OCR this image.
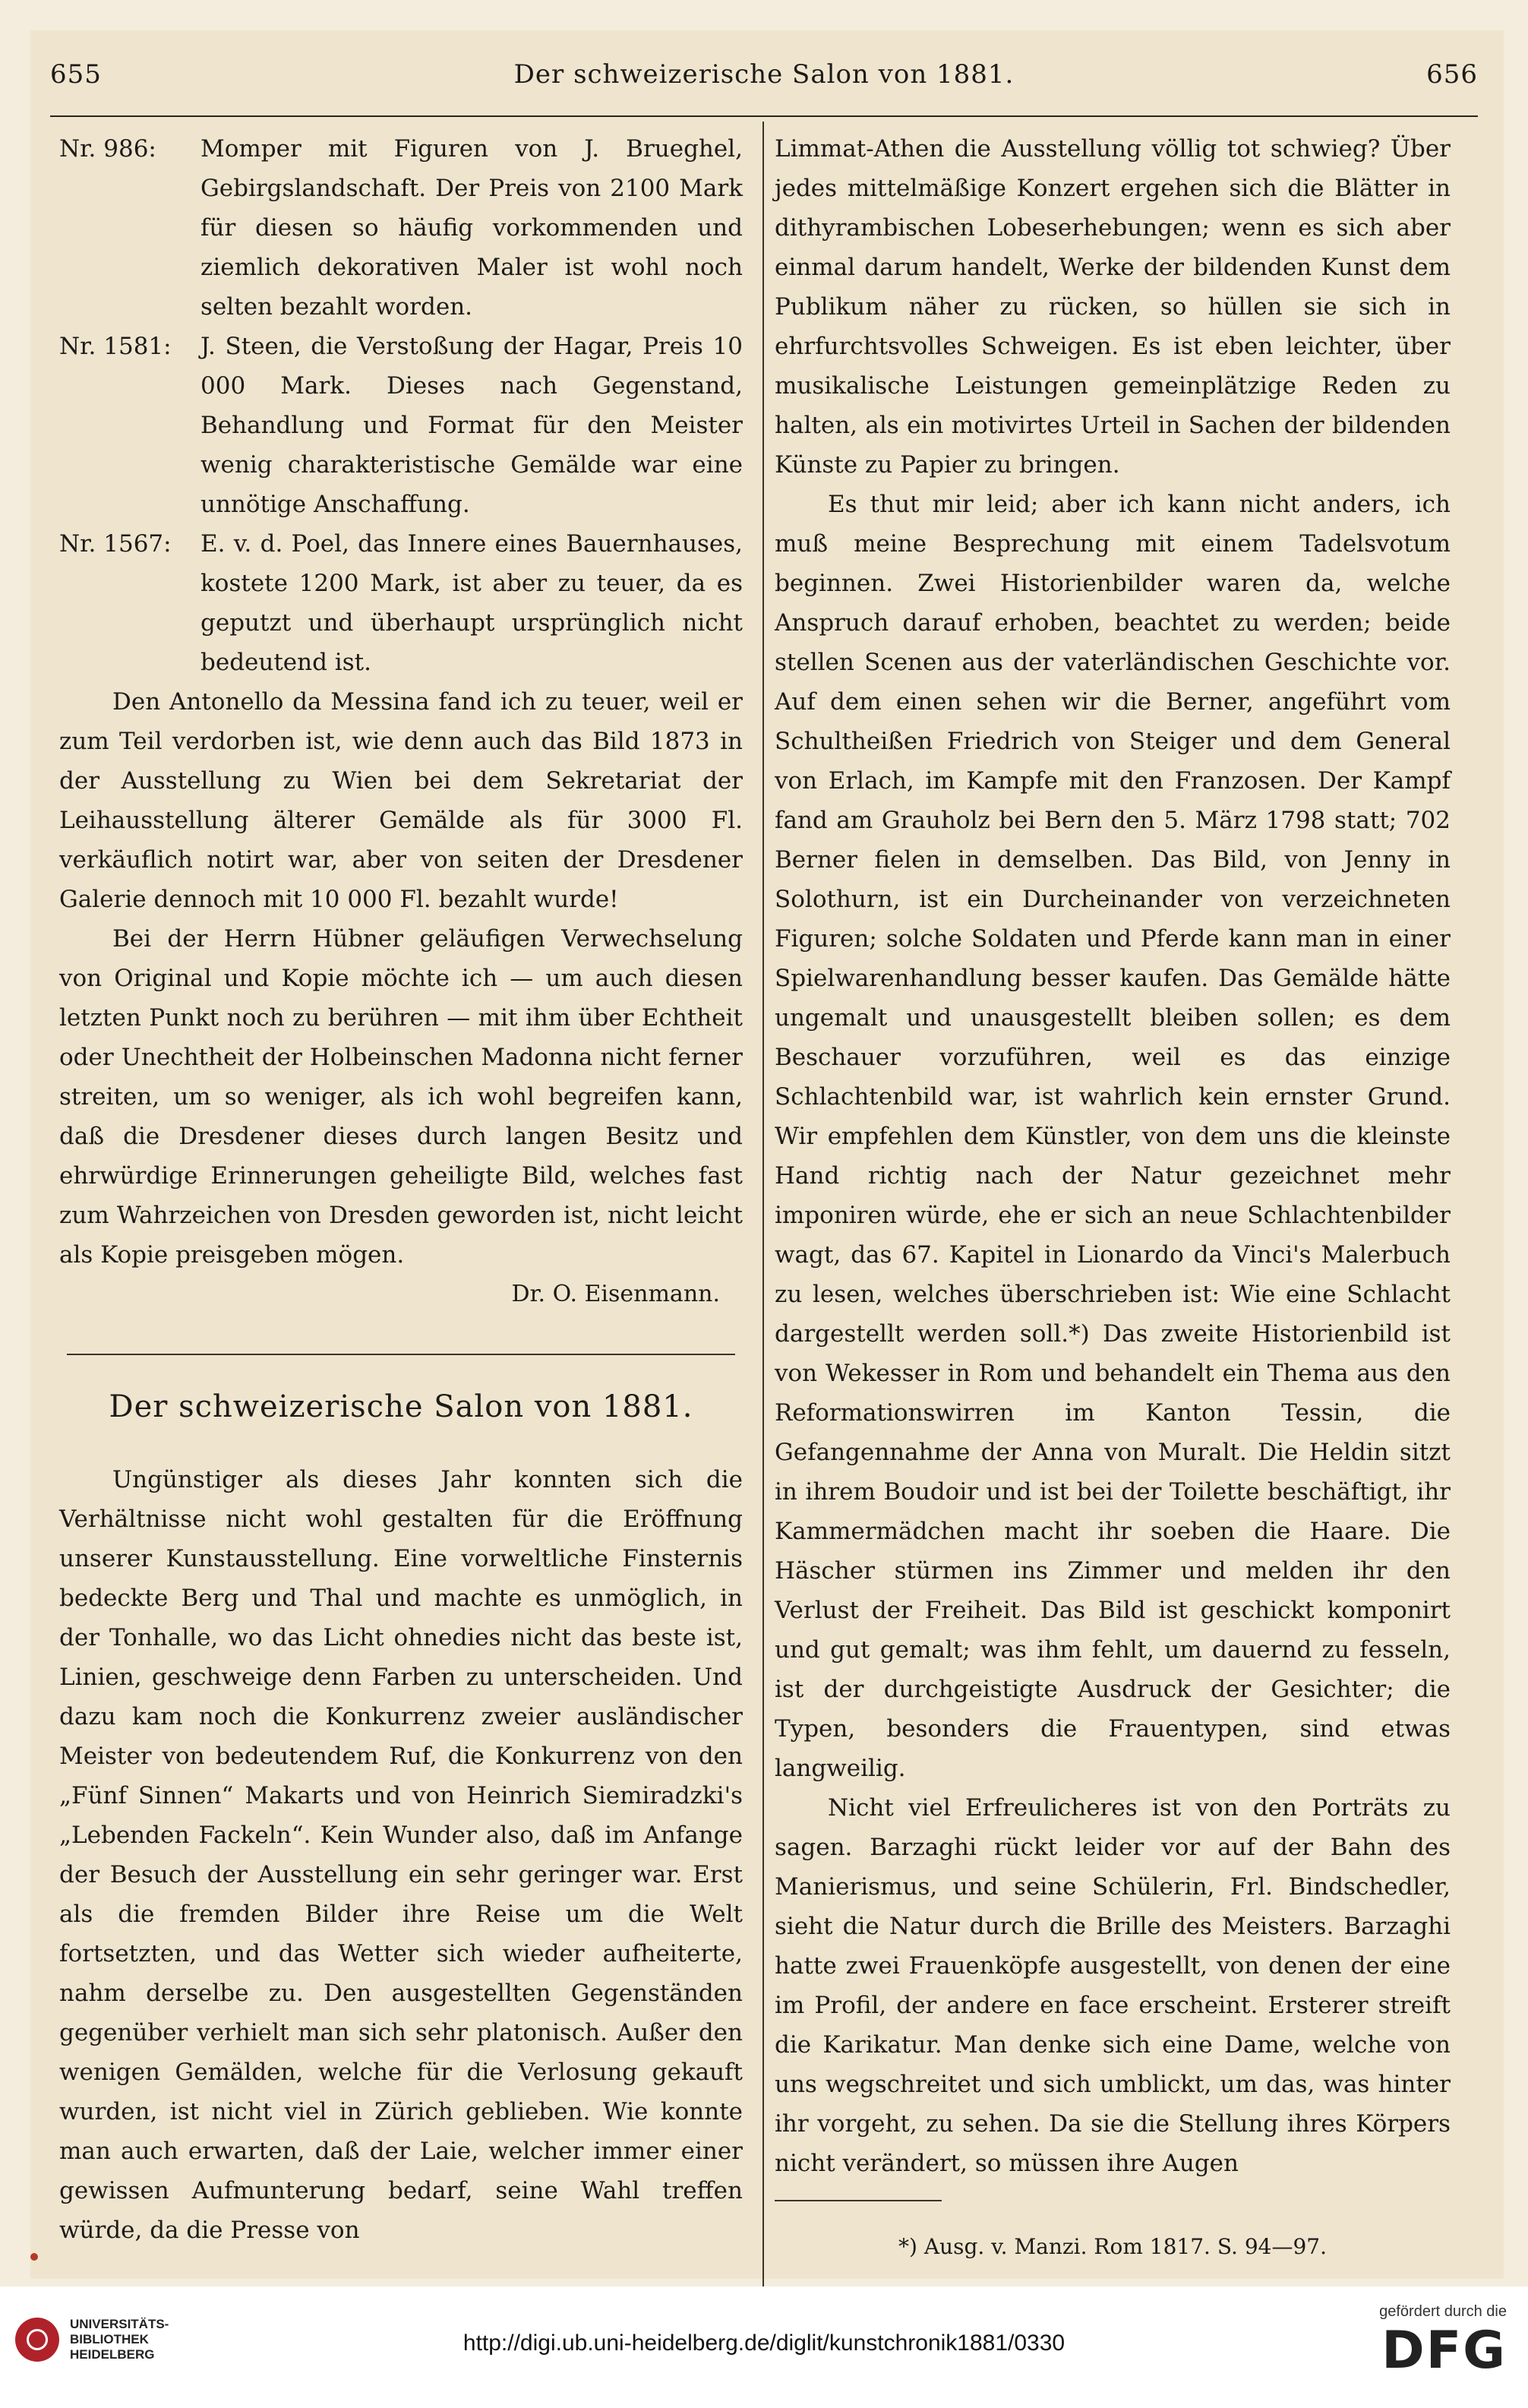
655	Der schweizerische Salon von 1881.	656
Nr. 986:	Momper mit Figuren von J. Brueghel, Gebirgslandschaft. Der Preis von 2100 Mark für diesen so häufig vorkommenden und ziemlich dekorativen Maler ist wohl noch selten bezahlt worden.
Nr. 1581:	J. Steen, die Verstoßung der Hagar, Preis 10 000 Mark. Dieses nach Gegenstand, Behandlung und Format für den Meister wenig charakteristische Gemälde war eine unnötige Anschaffung.
Nr. 1567:	E. v. d. Poel, das Innere eines Bauernhauses, kostete 1200 Mark, ist aber zu teuer, da es geputzt und überhaupt ursprünglich nicht bedeutend ist.

Den Antonello da Messina fand ich zu teuer, weil er zum Teil verdorben ist, wie denn auch das Bild 1873 in der Ausstellung zu Wien bei dem Sekretariat der Leihausstellung älterer Gemälde als für 3000 Fl. verkäuflich notirt war, aber von seiten der Dresdener Galerie dennoch mit 10 000 Fl. bezahlt wurde!

Bei der Herrn Hübner geläufigen Verwechselung von Original und Kopie möchte ich — um auch diesen letzten Punkt noch zu berühren — mit ihm über Echtheit oder Unechtheit der Holbeinschen Madonna nicht ferner streiten, um so weniger, als ich wohl begreifen kann, daß die Dresdener dieses durch langen Besitz und ehrwürdige Erinnerungen geheiligte Bild, welches fast zum Wahrzeichen von Dresden geworden ist, nicht leicht als Kopie preisgeben mögen.

Dr. O. Eisenmann.

Der schweizerische Salon von 1881.

Ungünstiger als dieses Jahr konnten sich die Verhältnisse nicht wohl gestalten für die Eröffnung unserer Kunstausstellung. Eine vorweltliche Finsternis bedeckte Berg und Thal und machte es unmöglich, in der Tonhalle, wo das Licht ohnedies nicht das beste ist, Linien, geschweige denn Farben zu unterscheiden. Und dazu kam noch die Konkurrenz zweier ausländischer Meister von bedeutendem Ruf, die Konkurrenz von den „Fünf Sinnen“ Makarts und von Heinrich Siemiradzki's „Lebenden Fackeln“. Kein Wunder also, daß im Anfange der Besuch der Ausstellung ein sehr geringer war. Erst als die fremden Bilder ihre Reise um die Welt fortsetzten, und das Wetter sich wieder aufheiterte, nahm derselbe zu. Den ausgestellten Gegenständen gegenüber verhielt man sich sehr platonisch. Außer den wenigen Gemälden, welche für die Verlosung gekauft wurden, ist nicht viel in Zürich geblieben. Wie konnte man auch erwarten, daß der Laie, welcher immer einer gewissen Aufmunterung bedarf, seine Wahl treffen würde, da die Presse von

Limmat-Athen die Ausstellung völlig tot schwieg? Über jedes mittelmäßige Konzert ergehen sich die Blätter in dithyrambischen Lobeserhebungen; wenn es sich aber einmal darum handelt, Werke der bildenden Kunst dem Publikum näher zu rücken, so hüllen sie sich in ehrfurchtsvolles Schweigen. Es ist eben leichter, über musikalische Leistungen gemeinplätzige Reden zu halten, als ein motivirtes Urteil in Sachen der bildenden Künste zu Papier zu bringen.

Es thut mir leid; aber ich kann nicht anders, ich muß meine Besprechung mit einem Tadelsvotum beginnen. Zwei Historienbilder waren da, welche Anspruch darauf erhoben, beachtet zu werden; beide stellen Scenen aus der vaterländischen Geschichte vor. Auf dem einen sehen wir die Berner, angeführt vom Schultheißen Friedrich von Steiger und dem General von Erlach, im Kampfe mit den Franzosen. Der Kampf fand am Grauholz bei Bern den 5. März 1798 statt; 702 Berner fielen in demselben. Das Bild, von Jenny in Solothurn, ist ein Durcheinander von verzeichneten Figuren; solche Soldaten und Pferde kann man in einer Spielwarenhandlung besser kaufen. Das Gemälde hätte ungemalt und unausgestellt bleiben sollen; es dem Beschauer vorzuführen, weil es das einzige Schlachtenbild war, ist wahrlich kein ernster Grund. Wir empfehlen dem Künstler, von dem uns die kleinste Hand richtig nach der Natur gezeichnet mehr imponiren würde, ehe er sich an neue Schlachtenbilder wagt, das 67. Kapitel in Lionardo da Vinci's Malerbuch zu lesen, welches überschrieben ist: Wie eine Schlacht dargestellt werden soll.*) Das zweite Historienbild ist von Wekesser in Rom und behandelt ein Thema aus den Reformationswirren im Kanton Tessin, die Gefangennahme der Anna von Muralt. Die Heldin sitzt in ihrem Boudoir und ist bei der Toilette beschäftigt, ihr Kammermädchen macht ihr soeben die Haare. Die Häscher stürmen ins Zimmer und melden ihr den Verlust der Freiheit. Das Bild ist geschickt komponirt und gut gemalt; was ihm fehlt, um dauernd zu fesseln, ist der durchgeistigte Ausdruck der Gesichter; die Typen, besonders die Frauentypen, sind etwas langweilig.

Nicht viel Erfreulicheres ist von den Porträts zu sagen. Barzaghi rückt leider vor auf der Bahn des Manierismus, und seine Schülerin, Frl. Bindschedler, sieht die Natur durch die Brille des Meisters. Barzaghi hatte zwei Frauenköpfe ausgestellt, von denen der eine im Profil, der andere en face erscheint. Ersterer streift die Karikatur. Man denke sich eine Dame, welche von uns wegschreitet und sich umblickt, um das, was hinter ihr vorgeht, zu sehen. Da sie die Stellung ihres Körpers nicht verändert, so müssen ihre Augen

*) Ausg. v. Manzi. Rom 1817. S. 94—97.

UNIVERSITÄTS-
BIBLIOTHEK
HEIDELBERG	http://digi.ub.uni-heidelberg.de/diglit/kunstchronik1881/0330
gefördert durch die
DFG
